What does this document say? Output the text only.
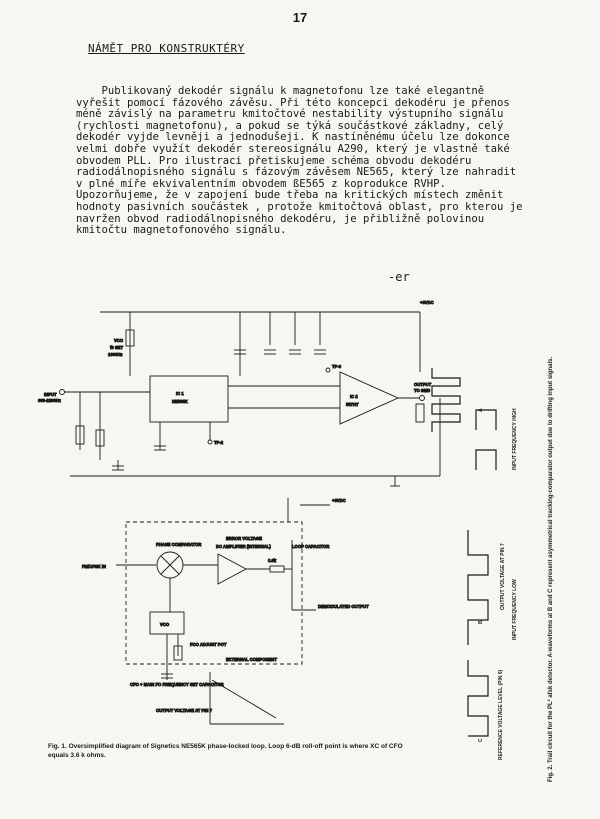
17
NÁMĚT PRO KONSTRUKTÉRY
Publikovaný dekodér signálu k magnetofonu lze také elegantně
vyřešit pomocí fázového závěsu. Při této koncepci dekodéru je přenos
méně závislý na parametru kmitočtové nestability výstupního signálu
(rychlosti magnetofonu), a pokud se týká součástkové základny, celý
dekodér vyjde levněji a jednodušeji. K nastíněnému účelu lze dokonce
velmi dobře využít dekodér stereosignálu A290, který je vlastně také
obvodem PLL. Pro ilustraci přetiskujeme schéma obvodu dekodéru
radiodálnopisného signálu s fázovým závěsem NE565, který lze nahradit
v plné míře ekvivalentním obvodem ßE565 z koprodukce RVHP.
Upozorňujeme, že v zapojení bude třeba na kritických místech změnit
hodnoty pasivních součástek , protože kmitočtová oblast, pro kterou je
navržen obvod radiodálnopisného dekodéru, je přibližně polovinou
kmitočtu magnetofonového signálu.
-er
+6VDC
IC 1
NE565K
IC 2
557HT
INPUT
600-2200Hz
VCO
f0 SET
1000Hz
TP-3
OUTPUT
TO SMD
TP-2
+6VDC
FM/AFSK IN
PHASE COMPARATOR
ERROR VOLTAGE
DC AMPLIFIER (INTERNAL)
3.6k
LOOP CAPACITOR
DEMODULATED OUTPUT
VCO
FCO ADJUST POT
EXTERNAL COMPONENT
CFO + MAIN FO FREQUENCY SET CAPACITOR
OUTPUT VOLTAGE AT PIN 7
INPUT FREQUENCY HIGH
INPUT FREQUENCY LOW
REFERENCE VOLTAGE LEVEL (PIN 6)
OUTPUT VOLTAGE AT PIN 7
A
B
C
Fig. 1. Oversimplified diagram of Signetics NE565K phase-locked loop. Loop 6-dB roll-off point is where XC of CFO equals 3.6 k ohms.	Fig. 2. Trail circuit for the PL² afsk detector. A-waveforms at B and C represent asymmetrical tracking-comparator output due to drifting input signals.
